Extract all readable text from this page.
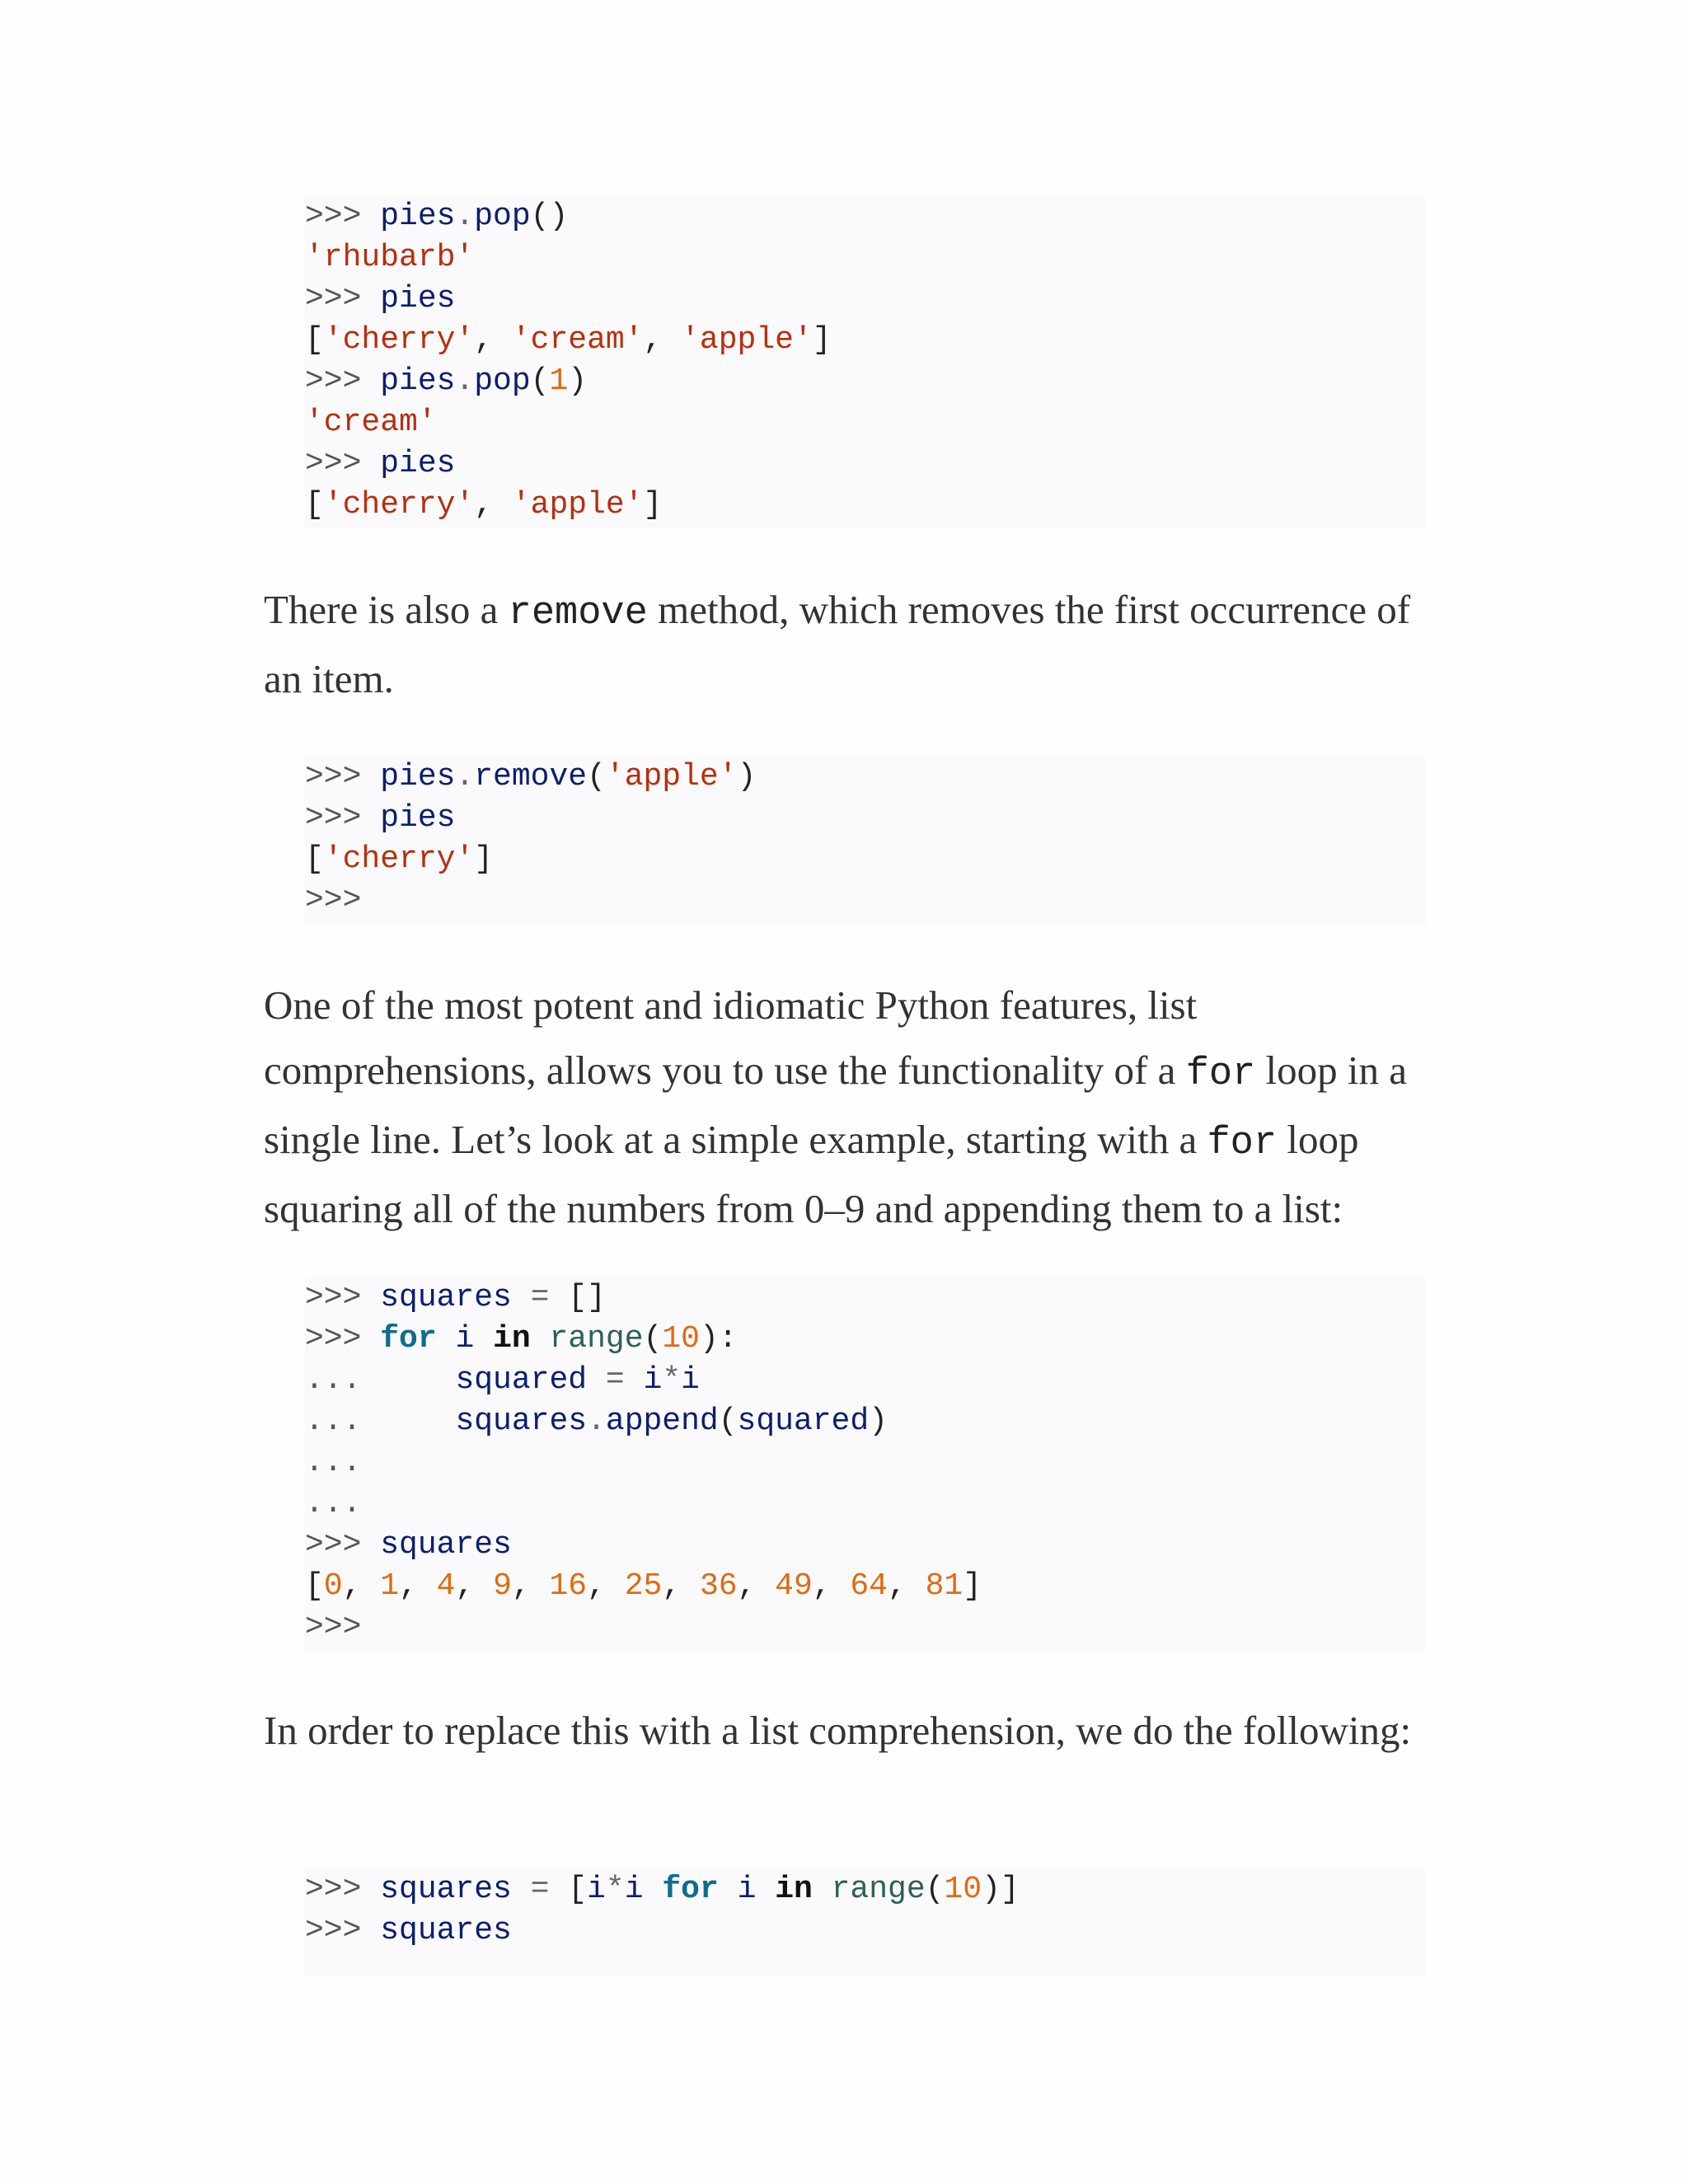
>>> pies.pop()
'rhubarb'
>>> pies
['cherry', 'cream', 'apple']
>>> pies.pop(1)
'cream'
>>> pies
['cherry', 'apple']
There is also a remove method, which removes the first occurrence of an item.
>>> pies.remove('apple')
>>> pies
['cherry']
>>>
One of the most potent and idiomatic Python features, list comprehensions, allows you to use the functionality of a for loop in a single line. Let’s look at a simple example, starting with a for loop squaring all of the numbers from 0–9 and appending them to a list:
>>> squares = []
>>> for i in range(10):
...     squared = i*i
...     squares.append(squared)
...
...
>>> squares
[0, 1, 4, 9, 16, 25, 36, 49, 64, 81]
>>>
In order to replace this with a list comprehension, we do the following:
>>> squares = [i*i for i in range(10)]
>>> squares
